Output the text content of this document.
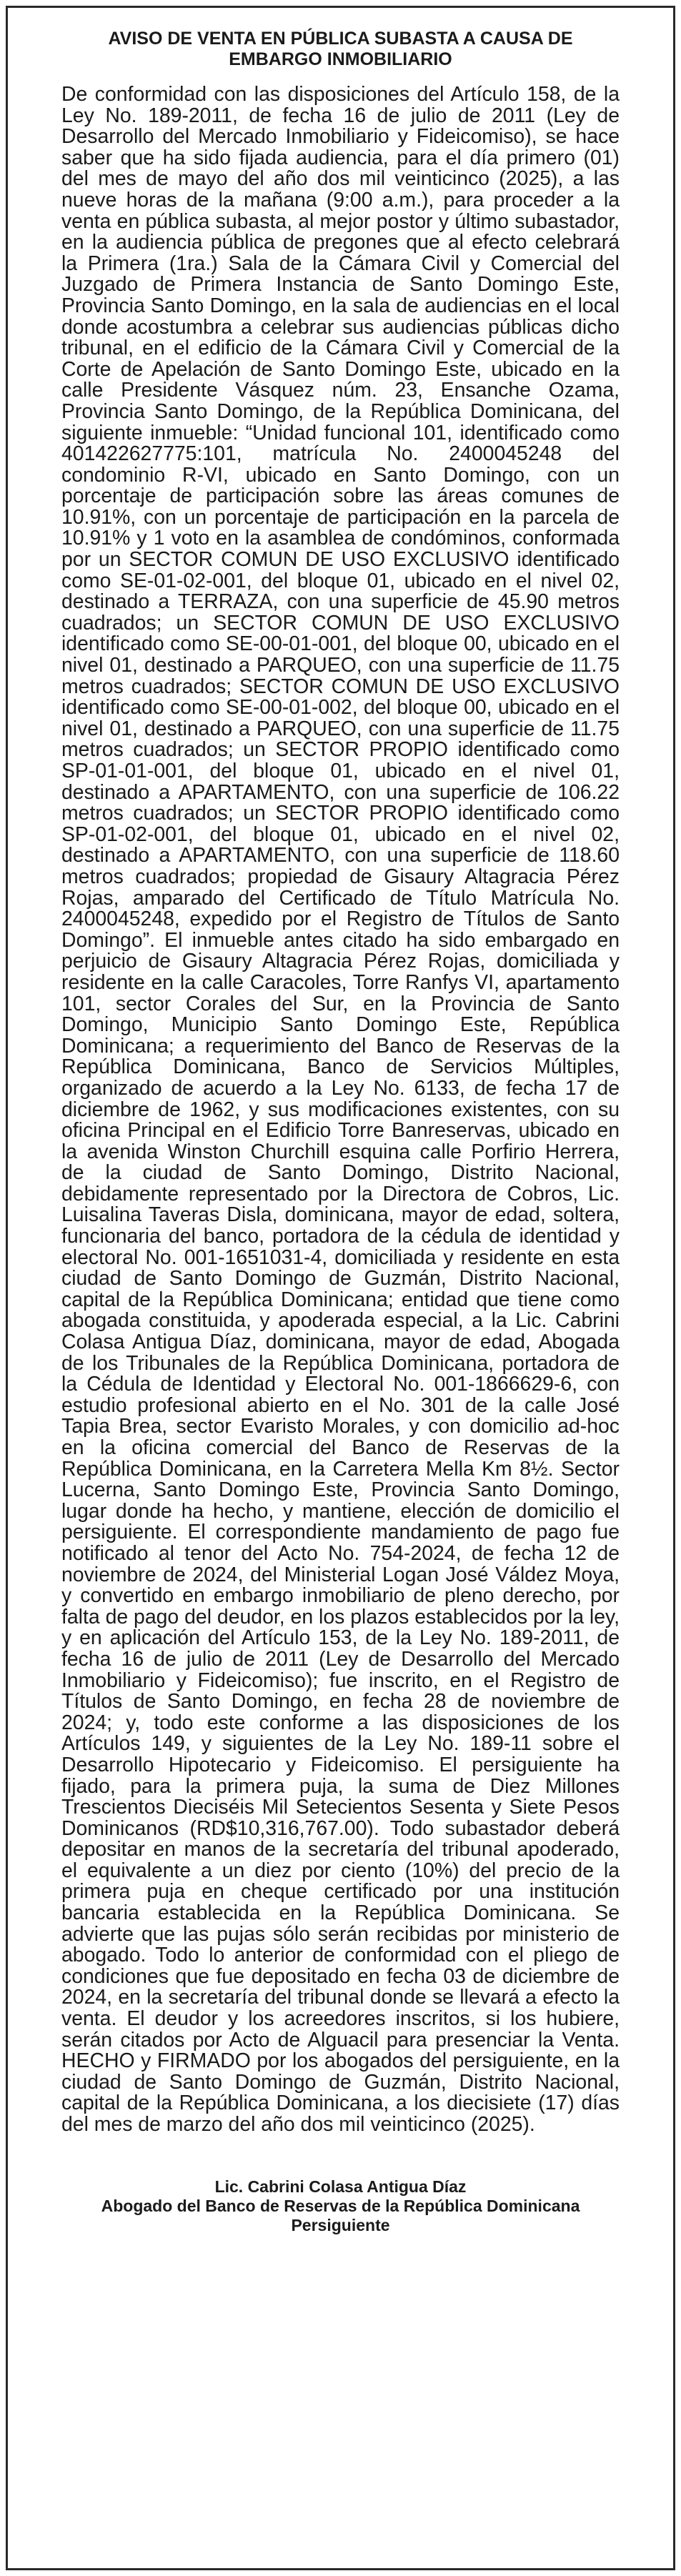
AVISO DE VENTA EN PÚBLICA SUBASTA A CAUSA DE EMBARGO INMOBILIARIO

De conformidad con las disposiciones del Artículo 158, de la Ley No. 189-2011, de fecha 16 de julio de 2011 (Ley de Desarrollo del Mercado Inmobiliario y Fideicomiso), se hace saber que ha sido fijada audiencia, para el día primero (01) del mes de mayo del año dos mil veinticinco (2025), a las nueve horas de la mañana (9:00 a.m.), para proceder a la venta en pública subasta, al mejor postor y último subastador, en la audiencia pública de pregones que al efecto celebrará la Primera (1ra.) Sala de la Cámara Civil y Comercial del Juzgado de Primera Instancia de Santo Domingo Este, Provincia Santo Domingo, en la sala de audiencias en el local donde acostumbra a celebrar sus audiencias públicas dicho tribunal, en el edificio de la Cámara Civil y Comercial de la Corte de Apelación de Santo Domingo Este, ubicado en la calle Presidente Vásquez núm. 23, Ensanche Ozama, Provincia Santo Domingo, de la República Dominicana, del siguiente inmueble: “Unidad funcional 101, identificado como 401422627775:101, matrícula No. 2400045248 del condominio R-VI, ubicado en Santo Domingo, con un porcentaje de participación sobre las áreas comunes de 10.91%, con un porcentaje de participación en la parcela de 10.91% y 1 voto en la asamblea de condóminos, conformada por un SECTOR COMUN DE USO EXCLUSIVO identificado como SE-01-02-001, del bloque 01, ubicado en el nivel 02, destinado a TERRAZA, con una superficie de 45.90 metros cuadrados; un SECTOR COMUN DE USO EXCLUSIVO identificado como SE-00-01-001, del bloque 00, ubicado en el nivel 01, destinado a PARQUEO, con una superficie de 11.75 metros cuadrados; SECTOR COMUN DE USO EXCLUSIVO identificado como SE-00-01-002, del bloque 00, ubicado en el nivel 01, destinado a PARQUEO, con una superficie de 11.75 metros cuadrados; un SECTOR PROPIO identificado como SP-01-01-001, del bloque 01, ubicado en el nivel 01, destinado a APARTAMENTO, con una superficie de 106.22 metros cuadrados; un SECTOR PROPIO identificado como SP-01-02-001, del bloque 01, ubicado en el nivel 02, destinado a APARTAMENTO, con una superficie de 118.60 metros cuadrados; propiedad de Gisaury Altagracia Pérez Rojas, amparado del Certificado de Título Matrícula No. 2400045248, expedido por el Registro de Títulos de Santo Domingo”. El inmueble antes citado ha sido embargado en perjuicio de Gisaury Altagracia Pérez Rojas, domiciliada y residente en la calle Caracoles, Torre Ranfys VI, apartamento 101, sector Corales del Sur, en la Provincia de Santo Domingo, Municipio Santo Domingo Este, República Dominicana; a requerimiento del Banco de Reservas de la República Dominicana, Banco de Servicios Múltiples, organizado de acuerdo a la Ley No. 6133, de fecha 17 de diciembre de 1962, y sus modificaciones existentes, con su oficina Principal en el Edificio Torre Banreservas, ubicado en la avenida Winston Churchill esquina calle Porfirio Herrera, de la ciudad de Santo Domingo, Distrito Nacional, debidamente representado por la Directora de Cobros, Lic. Luisalina Taveras Disla, dominicana, mayor de edad, soltera, funcionaria del banco, portadora de la cédula de identidad y electoral No. 001-1651031-4, domiciliada y residente en esta ciudad de Santo Domingo de Guzmán, Distrito Nacional, capital de la República Dominicana; entidad que tiene como abogada constituida, y apoderada especial, a la Lic. Cabrini Colasa Antigua Díaz, dominicana, mayor de edad, Abogada de los Tribunales de la República Dominicana, portadora de la Cédula de Identidad y Electoral No. 001-1866629-6, con estudio profesional abierto en el No. 301 de la calle José Tapia Brea, sector Evaristo Morales, y con domicilio ad-hoc en la oficina comercial del Banco de Reservas de la República Dominicana, en la Carretera Mella Km 8½. Sector Lucerna, Santo Domingo Este, Provincia Santo Domingo, lugar donde ha hecho, y mantiene, elección de domicilio el persiguiente. El correspondiente mandamiento de pago fue notificado al tenor del Acto No. 754-2024, de fecha 12 de noviembre de 2024, del Ministerial Logan José Váldez Moya, y convertido en embargo inmobiliario de pleno derecho, por falta de pago del deudor, en los plazos establecidos por la ley, y en aplicación del Artículo 153, de la Ley No. 189-2011, de fecha 16 de julio de 2011 (Ley de Desarrollo del Mercado Inmobiliario y Fideicomiso); fue inscrito, en el Registro de Títulos de Santo Domingo, en fecha 28 de noviembre de 2024; y, todo este conforme a las disposiciones de los Artículos 149, y siguientes de la Ley No. 189-11 sobre el Desarrollo Hipotecario y Fideicomiso. El persiguiente ha fijado, para la primera puja, la suma de Diez Millones Trescientos Dieciséis Mil Setecientos Sesenta y Siete Pesos Dominicanos (RD$10,316,767.00). Todo subastador deberá depositar en manos de la secretaría del tribunal apoderado, el equivalente a un diez por ciento (10%) del precio de la primera puja en cheque certificado por una institución bancaria establecida en la República Dominicana. Se advierte que las pujas sólo serán recibidas por ministerio de abogado. Todo lo anterior de conformidad con el pliego de condiciones que fue depositado en fecha 03 de diciembre de 2024, en la secretaría del tribunal donde se llevará a efecto la venta. El deudor y los acreedores inscritos, si los hubiere, serán citados por Acto de Alguacil para presenciar la Venta. HECHO y FIRMADO por los abogados del persiguiente, en la ciudad de Santo Domingo de Guzmán, Distrito Nacional, capital de la República Dominicana, a los diecisiete (17) días del mes de marzo del año dos mil veinticinco (2025).

Lic. Cabrini Colasa Antigua Díaz
Abogado del Banco de Reservas de la República Dominicana
Persiguiente
